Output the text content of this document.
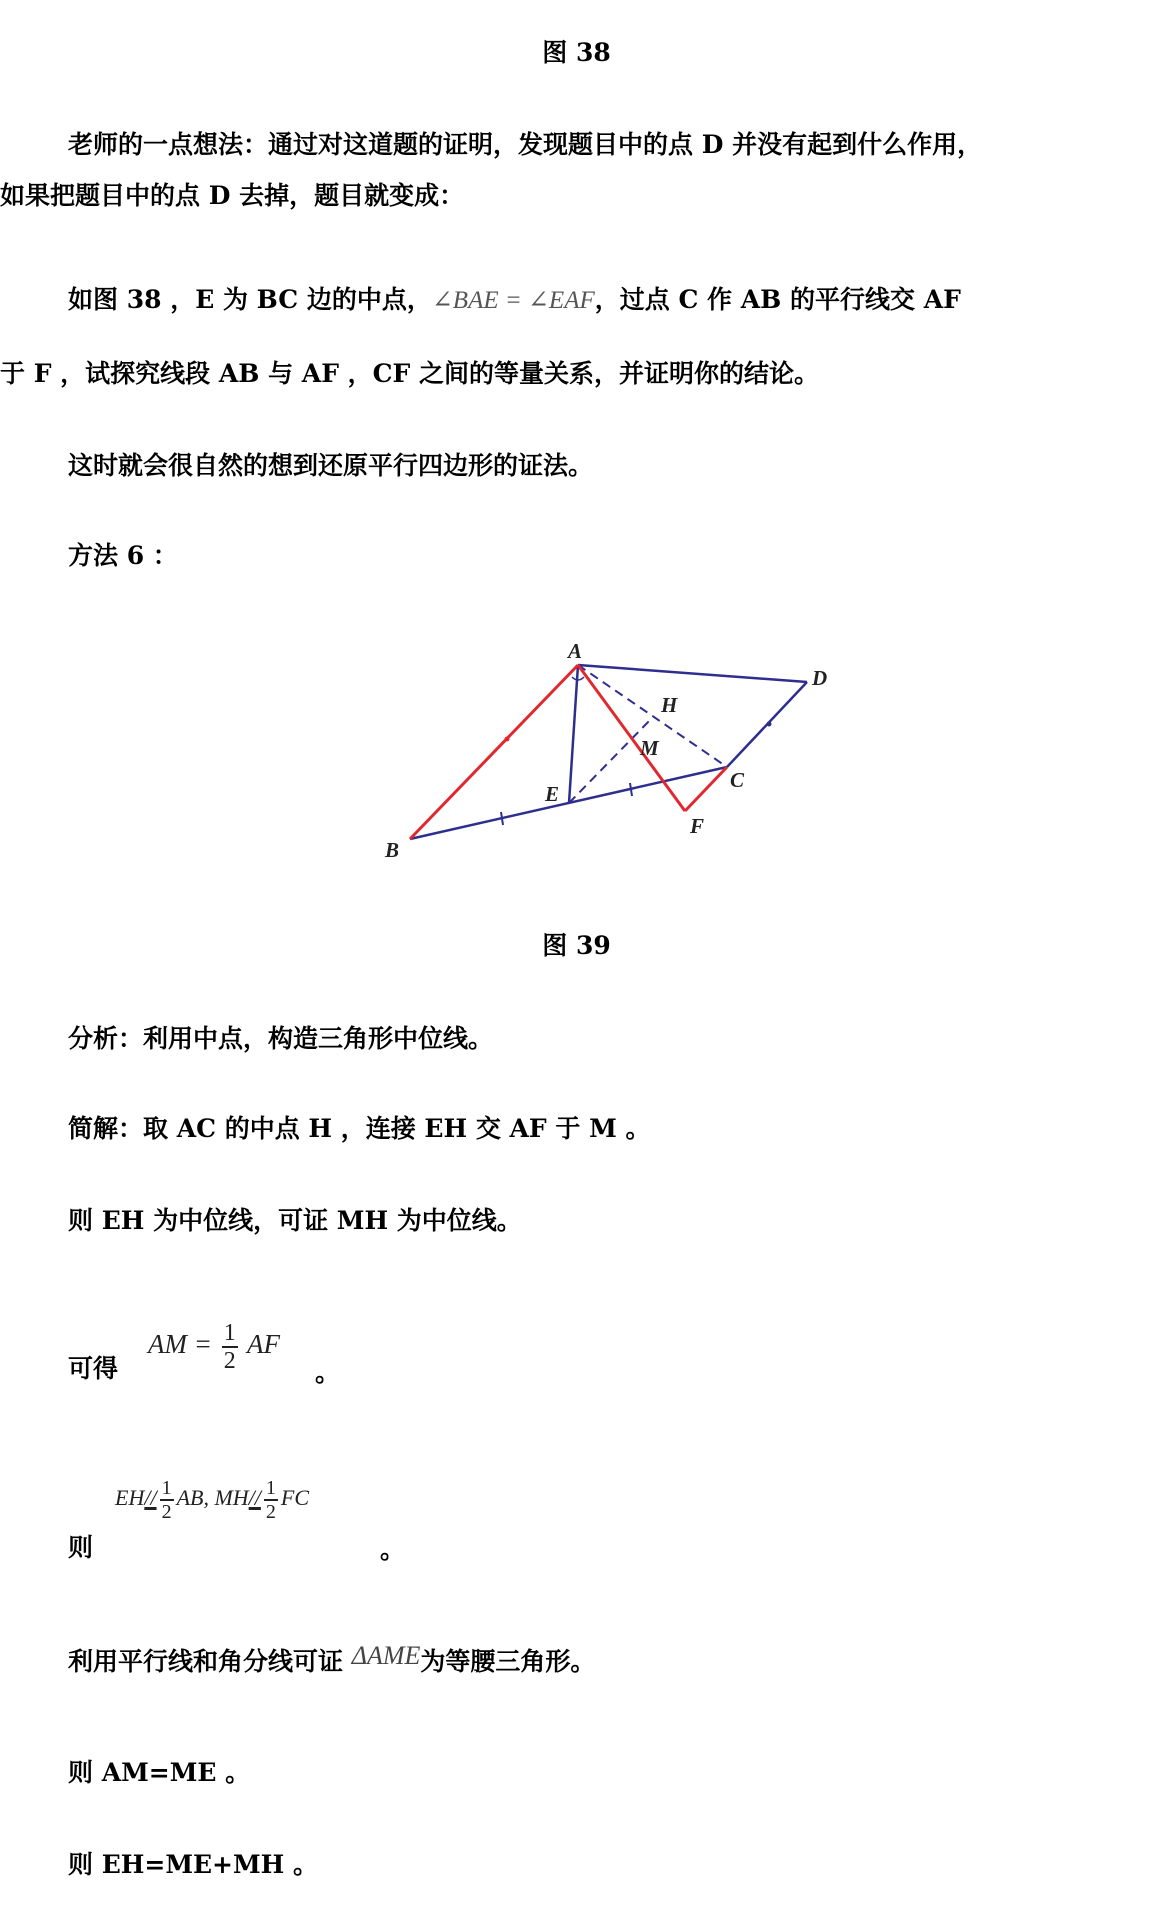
图 38
老师的一点想法：通过对这道题的证明，发现题目中的点 D 并没有起到什么作用，
如果把题目中的点 D 去掉，题目就变成：
如图 38 ，E 为 BC 边的中点，∠BAE = ∠EAF，过点 C 作 AB 的平行线交 AF
于 F ，试探究线段 AB 与 AF ，CF 之间的等量关系，并证明你的结论。
这时就会很自然的想到还原平行四边形的证法。
方法 6 ：
A
D
H
M
C
E
F
B
图 39
分析：利用中点，构造三角形中位线。
简解：取 AC 的中点 H ，连接 EH 交 AF 于 M 。
则 EH 为中位线，可证 MH 为中位线。
可得
AM = $\frac{1}{2}$ AF
。
$EH// \frac{1}{2}$ AB, $MH// \frac{1}{2}$ FC
则	。
利用平行线和角分线可证 ΔAME为等腰三角形。
则 AM=ME 。
则 EH=ME+MH 。
